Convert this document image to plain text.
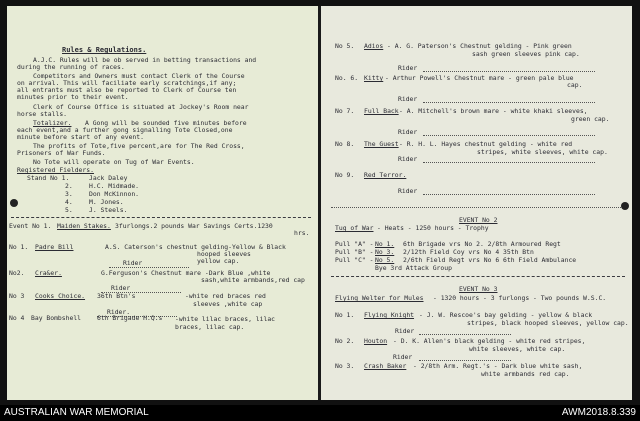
Rules & Regulations.
A.J.C. Rules will be ob served in betting transactions and
during the running of races.
Competitors and Owners must contact Clerk of the Course
on arrival. This will faciliate early scratchings,if any;
all entrants must also be reported to Clerk of Course ten
minutes prior to their event.
Clerk of Course Office is situated at Jockey's Room near
horse stalls.
Totalizer. A Gong will be sounded five minutes before
each event,and a further gong signalling Tote Closed,one
minute before start of any event.
The profits of Tote,five percent,are for The Red Cross,
Prisoners of War Funds.
No Tote will operate on Tug of War Events.
Registered Fielders.
Stand No 1.	Jack Daley
2.	H.C. Midmade.
3.	Don McKinnon.
4.	M. Jones.
5.	J. Steels.
Event No 1. Maiden Stakes. 3furlongs.2 pounds War Savings Certs.1230
hrs.
No 1. Padre Bill	A.S. Caterson's chestnut gelding-Yellow & Black
hooped sleeves
yellow cap.
Rider
No2. Cra&er.	G.Ferguson's Chestnut mare -Dark Blue ,white
sash,white armbands,red cap
Rider
No 3 Cooks Choice. 36th Btn's	-white red braces red
sleeves ,white cap
Rider.
No 4 Bay Bombshell 6th Brigade H.Q.s -white lilac braces, lilac
braces, lilac cap.
No 5. Adios - A. G. Paterson's Chestnut gelding - Pink green
sash green sleeves pink cap.
Rider
No. 6. Kitty - Arthur Powell's Chestnut mare - green pale blue
cap.
Rider
No 7. Full Back - A. Mitchell's brown mare - white khaki sleeves,
green cap.
Rider
No 8. The Guest - R. H. L. Hayes chestnut gelding - white red
stripes, white sleeves, white cap.
Rider
No 9. Red Terror.
Rider
EVENT No 2
Tug of War - Heats - 1250 hours - Trophy
Pull "A" - No 1. 6th Brigade vrs No 2. 2/8th Armoured Regt
Pull "B" - No 3. 2/12th Field Coy vrs No 4 35th Btn
Pull "C" - No 5. 2/6th Field Regt vrs No 6 6th Field Ambulance
Bye 3rd Attack Group
EVENT No 3
Flying Welter for Mules - 1320 hours - 3 furlongs - Two pounds W.S.C.
No 1. Flying Knight - J. W. Rescoe's bay gelding - yellow & black
stripes, black hooped sleeves, yellow cap.
Rider
No 2. Houton - D. K. Allen's black gelding - white red stripes,
white sleeves, white cap.
Rider
No 3. Crash Baker - 2/8th Arm. Regt.'s - Dark blue white sash,
white armbands red cap.
AUSTRALIAN WAR MEMORIAL	AWM2018.8.339
